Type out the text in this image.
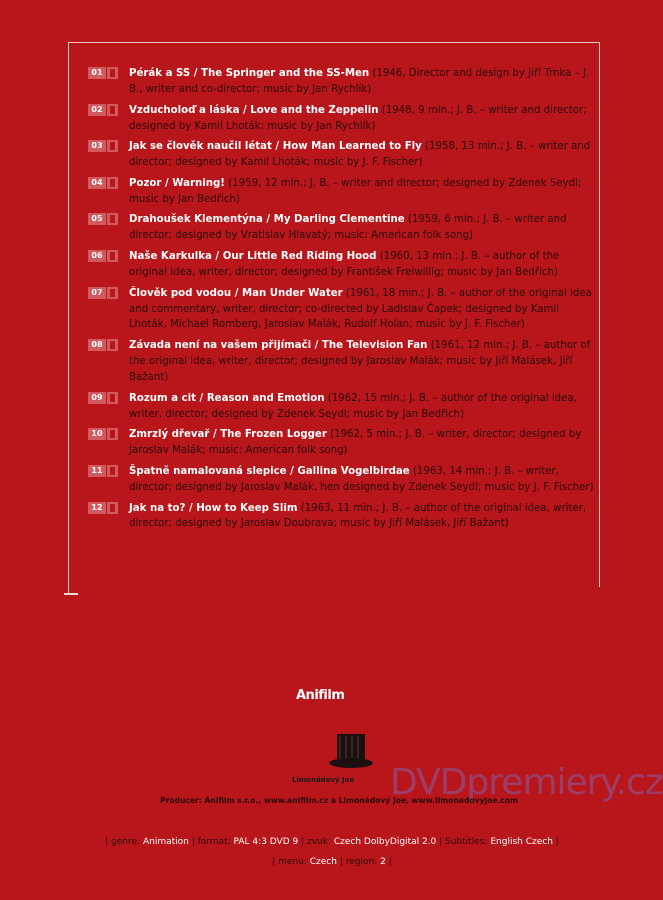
01	Pérák a SS / The Springer and the SS-Men (1946, Director and design by Jiří Trnka – J. B., writer and co-director; music by Jan Rychlík)
02	Vzducholoď a láska / Love and the Zeppelin (1948, 9 min.; J. B. – writer and director; designed by Kamil Lhoták; music by Jan Rychlík)
03	Jak se člověk naučil létat / How Man Learned to Fly (1958, 13 min.; J. B. – writer and director; designed by Kamil Lhoták; music by J. F. Fischer)
04	Pozor / Warning! (1959, 12 min.; J. B. – writer and director; designed by Zdenek Seydl; music by Jan Bedřich)
05	Drahoušek Klementýna / My Darling Clementine (1959, 6 min.; J. B. – writer and director; designed by Vratislav Hlavatý; music: American folk song)
06	Naše Karkulka / Our Little Red Riding Hood (1960, 13 min.; J. B. – author of the original idea, writer, director; designed by František Freiwillig; music by Jan Bedřich)
07	Člověk pod vodou / Man Under Water (1961, 18 min.; J. B. – author of the original idea and commentary, writer, director; co-directed by Ladislav Čapek; designed by Kamil Lhoták, Michael Romberg, Jaroslav Malák, Rudolf Holan; music by J. F. Fischer)
08	Závada není na vašem přijímači / The Television Fan (1961, 12 min.; J. B. – author of the original idea, writer, director; designed by Jaroslav Malák; music by Jiří Malásek, Jiří Bažant)
09	Rozum a cit / Reason and Emotion (1962, 15 min.; J. B. – author of the original idea, writer, director; designed by Zdenek Seydl; music by Jan Bedřich)
10	Zmrzlý dřevař / The Frozen Logger (1962, 5 min.; J. B. – writer, director; designed by Jaroslav Malák; music: American folk song)
11	Špatně namalovaná slepice / Gallina Vogelbirdae (1963, 14 min.; J. B. – writer, director; designed by Jaroslav Malák, hen designed by Zdenek Seydl; music by J. F. Fischer)
12	Jak na to? / How to Keep Slim (1963, 11 min.; J. B. – author of the original idea, writer, director; designed by Jaroslav Doubrava; music by Jiří Malásek, Jiří Bažant)
Anifilm
Limonádový Joe DVDpremiery.cz
Producer: Anifilm s.r.o., www.anifilm.cz a Limonádový Joe, www.limonadovyjoe.com
| genre: Animation | format: PAL 4:3 DVD 9 | zvuk: Czech DolbyDigital 2.0 | Subtitles: English Czech |
| menu: Czech | region: 2 |
